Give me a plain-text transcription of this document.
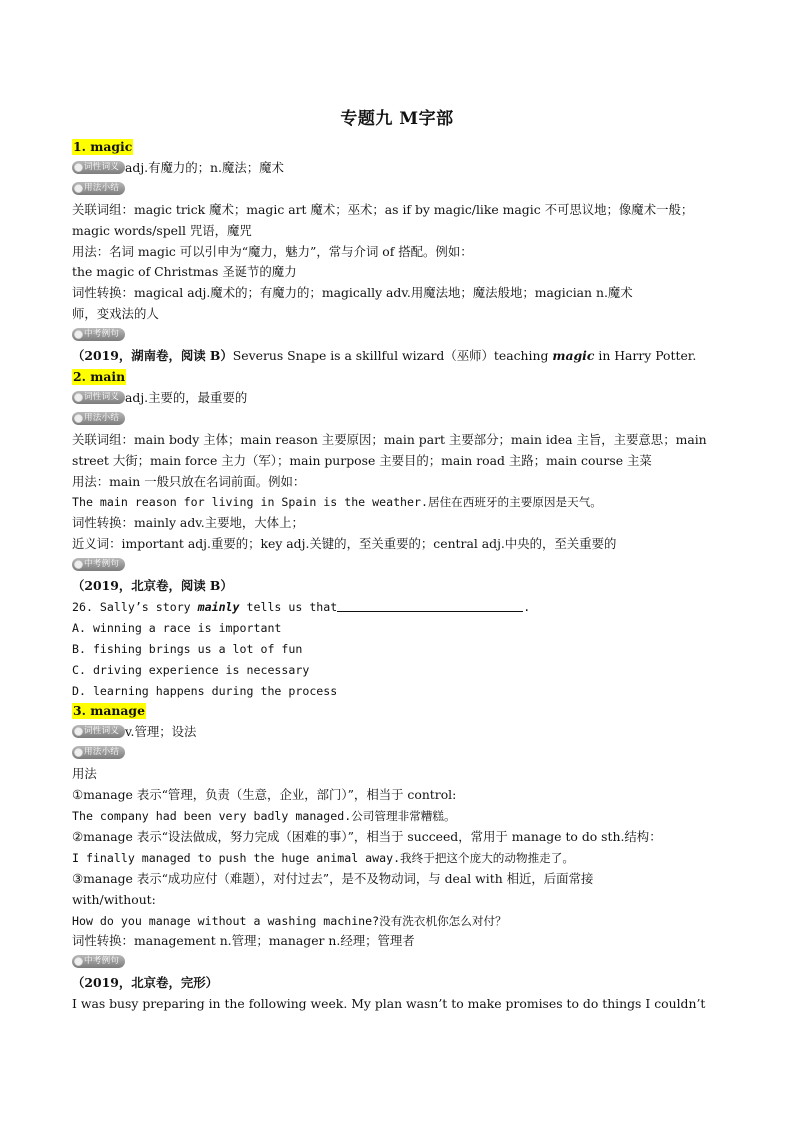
专题九 M字部
1. magic
词性词义 adj.有魔力的；n.魔法；魔术
用法小结
关联词组：magic trick 魔术；magic art 魔术；巫术；as if by magic/like magic 不可思议地；像魔术一般；
magic words/spell 咒语，魔咒
用法：名词 magic 可以引申为“魔力，魅力”，常与介词 of 搭配。例如：
the magic of Christmas 圣诞节的魔力
词性转换：magical adj.魔术的；有魔力的；magically adv.用魔法地；魔法般地；magician n.魔术
师，变戏法的人
中考例句
（2019，湖南卷，阅读 B）Severus Snape is a skillful wizard（巫师）teaching magic in Harry Potter.
2. main
词性词义 adj.主要的，最重要的
用法小结
关联词组：main body 主体；main reason 主要原因；main part 主要部分；main idea 主旨，主要意思；main
street 大街；main force 主力（军）；main purpose 主要目的；main road 主路；main course 主菜
用法：main 一般只放在名词前面。例如：
The main reason for living in Spain is the weather.居住在西班牙的主要原因是天气。
词性转换：mainly adv.主要地，大体上；
近义词：important adj.重要的；key adj.关键的，至关重要的；central adj.中央的，至关重要的
中考例句
（2019，北京卷，阅读 B）
26. Sally’s story mainly tells us that	.
A. winning a race is important
B. fishing brings us a lot of fun
C. driving experience is necessary
D. learning happens during the process
3. manage
词性词义 v.管理；设法
用法小结
用法
①manage 表示“管理，负责（生意，企业，部门）”，相当于 control:
The company had been very badly managed.公司管理非常糟糕。
②manage 表示“设法做成，努力完成（困难的事）”，相当于 succeed，常用于 manage to do sth.结构：
I finally managed to push the huge animal away.我终于把这个庞大的动物推走了。
③manage 表示“成功应付（难题），对付过去”，是不及物动词，与 deal with 相近，后面常接
with/without:
How do you manage without a washing machine?没有洗衣机你怎么对付？
词性转换：management n.管理；manager n.经理；管理者
中考例句
（2019，北京卷，完形）
I was busy preparing in the following week. My plan wasn’t to make promises to do things I couldn’t
